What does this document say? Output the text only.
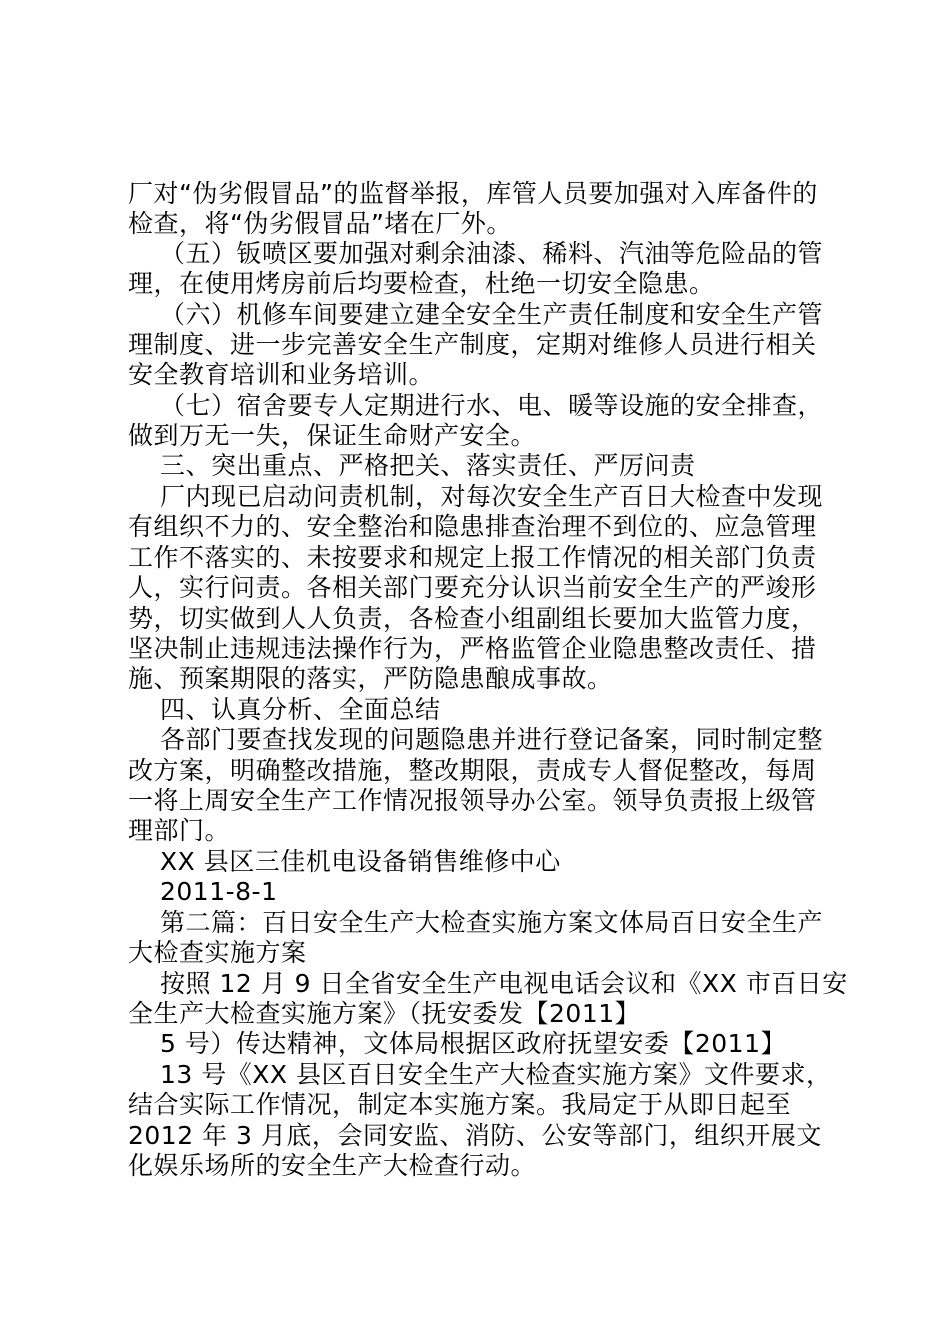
厂对“伪劣假冒品”的监督举报，库管人员要加强对入库备件的
检查，将“伪劣假冒品”堵在厂外。
（五）钣喷区要加强对剩余油漆、稀料、汽油等危险品的管
理，在使用烤房前后均要检查，杜绝一切安全隐患。
（六）机修车间要建立建全安全生产责任制度和安全生产管
理制度、进一步完善安全生产制度，定期对维修人员进行相关
安全教育培训和业务培训。
（七）宿舍要专人定期进行水、电、暖等设施的安全排查，
做到万无一失，保证生命财产安全。
三、突出重点、严格把关、落实责任、严厉问责
厂内现已启动问责机制，对每次安全生产百日大检查中发现
有组织不力的、安全整治和隐患排查治理不到位的、应急管理
工作不落实的、未按要求和规定上报工作情况的相关部门负责
人，实行问责。各相关部门要充分认识当前安全生产的严竣形
势，切实做到人人负责，各检查小组副组长要加大监管力度，
坚决制止违规违法操作行为，严格监管企业隐患整改责任、措
施、预案期限的落实，严防隐患酿成事故。
四、认真分析、全面总结
各部门要查找发现的问题隐患并进行登记备案，同时制定整
改方案，明确整改措施，整改期限，责成专人督促整改，每周
一将上周安全生产工作情况报领导办公室。领导负责报上级管
理部门。
XX 县区三佳机电设备销售维修中心
2011-8-1
第二篇：百日安全生产大检查实施方案文体局百日安全生产
大检查实施方案
按照 12 月 9 日全省安全生产电视电话会议和《XX 市百日安
全生产大检查实施方案》（抚安委发【2011】
5 号）传达精神，文体局根据区政府抚望安委【2011】
13 号《XX 县区百日安全生产大检查实施方案》文件要求，
结合实际工作情况，制定本实施方案。我局定于从即日起至
2012 年 3 月底，会同安监、消防、公安等部门，组织开展文
化娱乐场所的安全生产大检查行动。
